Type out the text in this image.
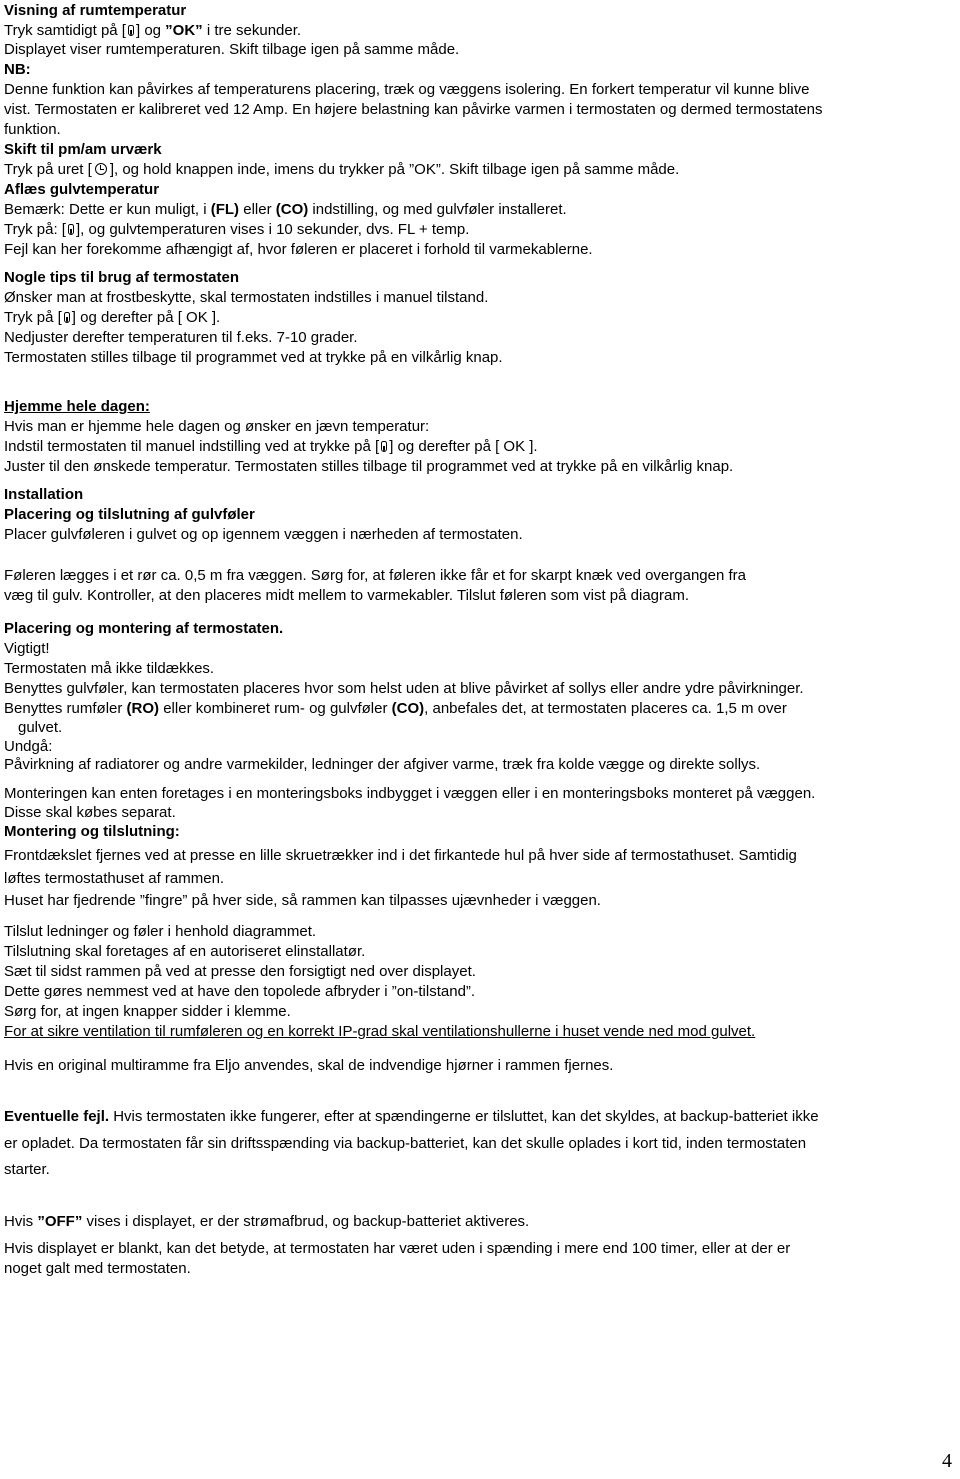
Visning af rumtemperatur
Tryk samtidigt på [ ] og ”OK” i tre sekunder.
Displayet viser rumtemperaturen. Skift tilbage igen på samme måde.
NB:
Denne funktion kan påvirkes af temperaturens placering, træk og væggens isolering. En forkert temperatur vil kunne blive
vist. Termostaten er kalibreret ved 12 Amp. En højere belastning kan påvirke varmen i termostaten og dermed termostatens
funktion.
Skift til pm/am urværk
Tryk på uret [ ], og hold knappen inde, imens du trykker på ”OK”. Skift tilbage igen på samme måde.
Aflæs gulvtemperatur
Bemærk: Dette er kun muligt, i (FL) eller (CO) indstilling, og med gulvføler installeret.
Tryk på: [ ], og gulvtemperaturen vises i 10 sekunder, dvs. FL + temp.
Fejl kan her forekomme afhængigt af, hvor føleren er placeret i forhold til varmekablerne.
Nogle tips til brug af termostaten
Ønsker man at frostbeskytte, skal termostaten indstilles i manuel tilstand.
Tryk på [ ] og derefter på [ OK ].
Nedjuster derefter temperaturen til f.eks. 7-10 grader.
Termostaten stilles tilbage til programmet ved at trykke på en vilkårlig knap.
Hjemme hele dagen:
Hvis man er hjemme hele dagen og ønsker en jævn temperatur:
Indstil termostaten til manuel indstilling ved at trykke på [ ] og derefter på [ OK ].
Juster til den ønskede temperatur. Termostaten stilles tilbage til programmet ved at trykke på en vilkårlig knap.
Installation
Placering og tilslutning af gulvføler
Placer gulvføleren i gulvet og op igennem væggen i nærheden af termostaten.
Føleren lægges i et rør ca. 0,5 m fra væggen. Sørg for, at føleren ikke får et for skarpt knæk ved overgangen fra
væg til gulv. Kontroller, at den placeres midt mellem to varmekabler. Tilslut føleren som vist på diagram.
Placering og montering af termostaten.
Vigtigt!
Termostaten må ikke tildækkes.
Benyttes gulvføler, kan termostaten placeres hvor som helst uden at blive påvirket af sollys eller andre ydre påvirkninger.
Benyttes rumføler (RO) eller kombineret rum- og gulvføler (CO), anbefales det, at termostaten placeres ca. 1,5 m over
gulvet.
Undgå:
Påvirkning af radiatorer og andre varmekilder, ledninger der afgiver varme, træk fra kolde vægge og direkte sollys.
Monteringen kan enten foretages i en monteringsboks indbygget i væggen eller i en monteringsboks monteret på væggen.
Disse skal købes separat.
Montering og tilslutning:
Frontdækslet fjernes ved at presse en lille skruetrækker ind i det firkantede hul på hver side af termostathuset. Samtidig
løftes termostathuset af rammen.
Huset har fjedrende ”fingre” på hver side, så rammen kan tilpasses ujævnheder i væggen.
Tilslut ledninger og føler i henhold diagrammet.
Tilslutning skal foretages af en autoriseret elinstallatør.
Sæt til sidst rammen på ved at presse den forsigtigt ned over displayet.
Dette gøres nemmest ved at have den topolede afbryder i ”on-tilstand”.
Sørg for, at ingen knapper sidder i klemme.
For at sikre ventilation til rumføleren og en korrekt IP-grad skal ventilationshullerne i huset vende ned mod gulvet.
Hvis en original multiramme fra Eljo anvendes, skal de indvendige hjørner i rammen fjernes.
Eventuelle fejl. Hvis termostaten ikke fungerer, efter at spændingerne er tilsluttet, kan det skyldes, at backup-batteriet ikke
er opladet. Da termostaten får sin driftsspænding via backup-batteriet, kan det skulle oplades i kort tid, inden termostaten
starter.
Hvis ”OFF” vises i displayet, er der strømafbrud, og backup-batteriet aktiveres.
Hvis displayet er blankt, kan det betyde, at termostaten har været uden i spænding i mere end 100 timer, eller at der er
noget galt med termostaten.
4
